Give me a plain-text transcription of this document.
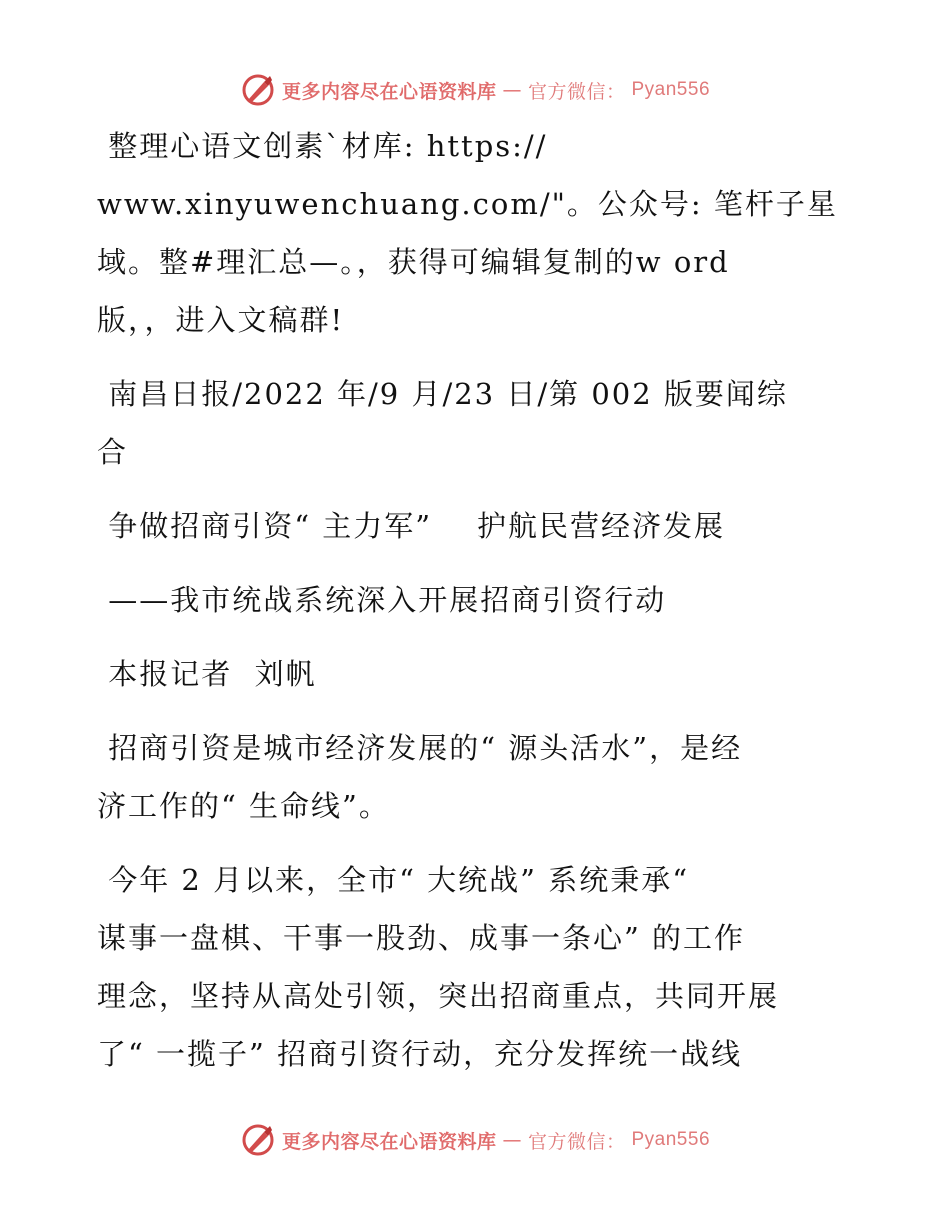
更多内容尽在心语资料库 — 官方微信： Pyan556
整理心语文创素`材库: https://
www.xinyuwenchuang.com/"。公众号: 笔杆子星
域。整#理汇总—。，获得可编辑复制的w ord
版，，进入文稿群!
南昌日报/2022 年/9 月/23 日/第 002 版要闻综
合
争做招商引资“ 主力军”    护航民营经济发展
——我市统战系统深入开展招商引资行动
本报记者  刘帆
招商引资是城市经济发展的“ 源头活水”，是经
济工作的“ 生命线”。
今年 2 月以来，全市“ 大统战” 系统秉承“
谋事一盘棋、干事一股劲、成事一条心” 的工作
理念，坚持从高处引领，突出招商重点，共同开展
了“ 一揽子” 招商引资行动，充分发挥统一战线
更多内容尽在心语资料库 — 官方微信： Pyan556
